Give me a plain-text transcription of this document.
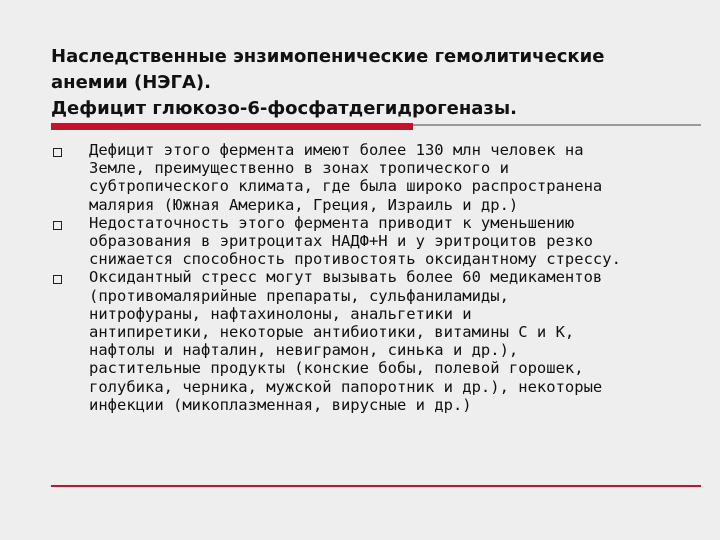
Наследственные энзимопенические гемолитические
анемии (НЭГА).
Дефицит глюкозо-6-фосфатдегидрогеназы.
Дефицит этого фермента имеют более 130 млн человек на
Земле, преимущественно в зонах тропического и
субтропического климата, где была широко распространена
малярия (Южная Америка, Греция, Израиль и др.)
Недостаточность этого фермента приводит к уменьшению
образования в эритроцитах НАДФ+Н и у эритроцитов резко
снижается способность противостоять оксидантному стрессу.
Оксидантный стресс могут вызывать более 60 медикаментов
(противомалярийные препараты, сульфаниламиды,
нитрофураны, нафтахинолоны, анальгетики и
антипиретики, некоторые антибиотики, витамины С и К,
нафтолы и нафталин, невиграмон, синька и др.),
растительные продукты (конские бобы, полевой горошек,
голубика, черника, мужской папоротник и др.), некоторые
инфекции (микоплазменная, вирусные и др.)
